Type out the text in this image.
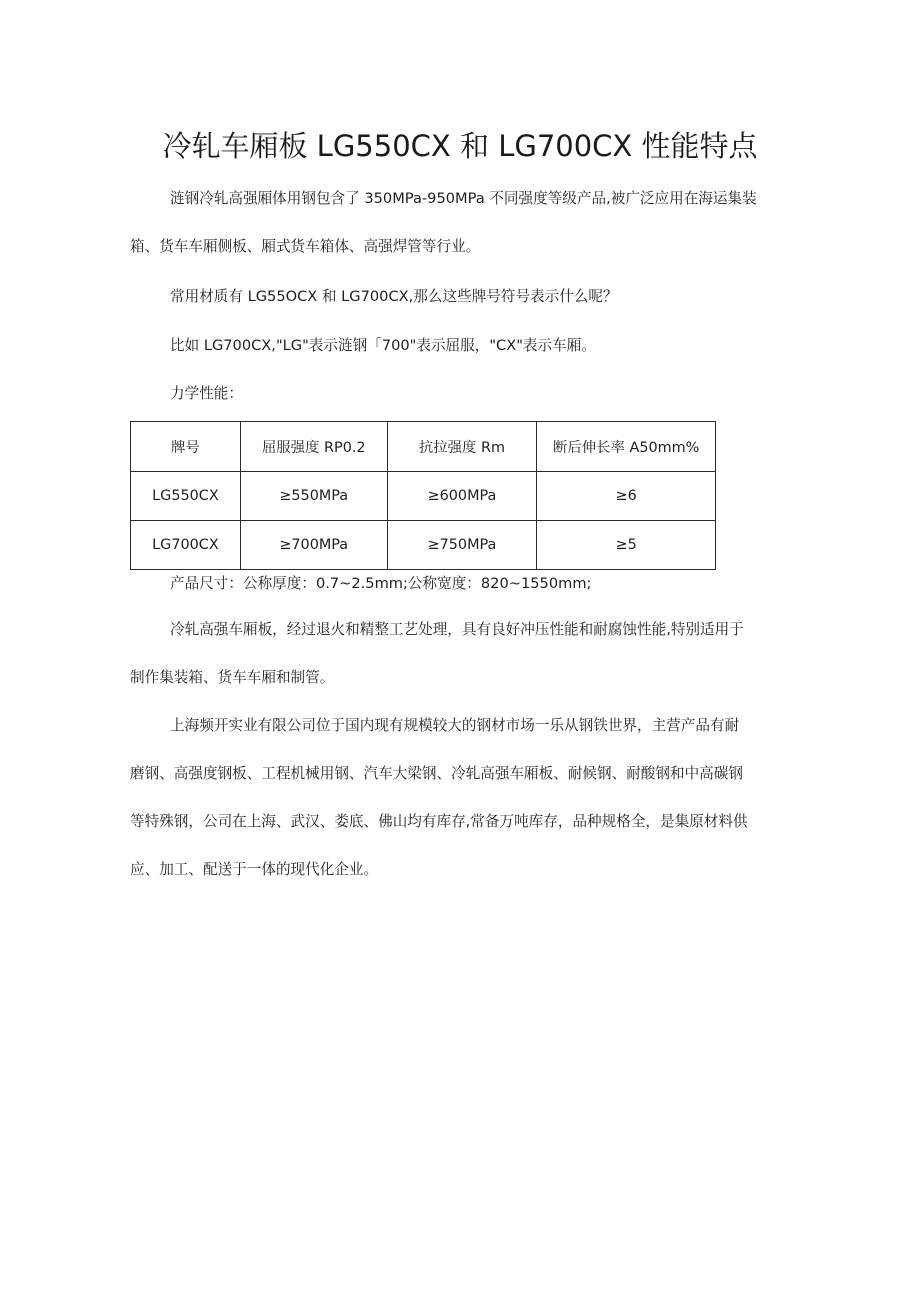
冷轧车厢板 LG550CX 和 LG700CX 性能特点
涟钢冷轧高强厢体用钢包含了 350MPa-950MPa 不同强度等级产品,被广泛应用在海运集装
箱、货车车厢侧板、厢式货车箱体、高强焊管等行业。
常用材质有 LG55OCX 和 LG700CX,那么这些牌号符号表示什么呢？
比如 LG700CX,"LG"表示涟钢「700"表示屈服，"CX"表示车厢。
力学性能：
牌号	屈服强度 RP0.2	抗拉强度 Rm	断后伸长率 A50mm%
LG550CX	≥550MPa	≥600MPa	≥6
LG700CX	≥700MPa	≥750MPa	≥5
产品尺寸：公称厚度：0.7~2.5mm;公称宽度：820~1550mm;
冷轧高强车厢板，经过退火和精整工艺处理，具有良好冲压性能和耐腐蚀性能,特别适用于
制作集装箱、货车车厢和制管。
上海频开实业有限公司位于国内现有规模较大的钢材市场一乐从钢铁世界，主营产品有耐
磨钢、高强度钢板、工程机械用钢、汽车大梁钢、冷轧高强车厢板、耐候钢、耐酸钢和中高碳钢
等特殊钢，公司在上海、武汉、娄底、佛山均有库存,常备万吨库存，品种规格全，是集原材料供
应、加工、配送于一体的现代化企业。
